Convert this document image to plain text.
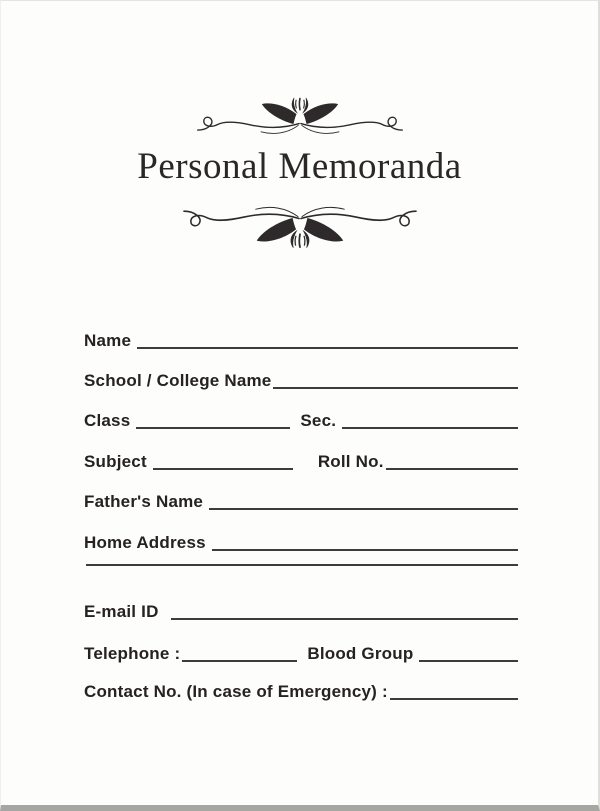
Personal Memoranda
Name
School / College Name
Class	Sec.
Subject	Roll No.
Father's Name
Home Address
E-mail ID
Telephone :	Blood Group
Contact No. (In case of Emergency) :
